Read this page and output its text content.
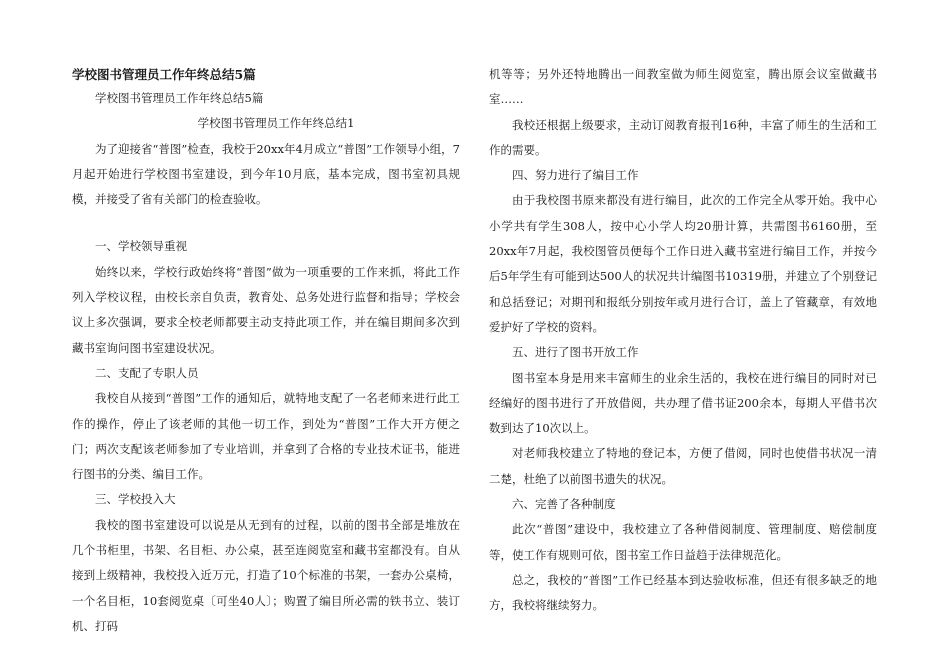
学校图书管理员工作年终总结5篇

学校图书管理员工作年终总结5篇

学校图书管理员工作年终总结1

为了迎接省“普图”检查，我校于20xx年4月成立“普图”工作领导小组，7月起开始进行学校图书室建设，到今年10月底，基本完成，图书室初具规模，并接受了省有关部门的检查验收。

一、学校领导重视

始终以来，学校行政始终将“普图”做为一项重要的工作来抓，将此工作列入学校议程，由校长亲自负责，教育处、总务处进行监督和指导；学校会议上多次强调，要求全校老师都要主动支持此项工作，并在编目期间多次到藏书室询问图书室建设状况。

二、支配了专职人员

我校自从接到“普图”工作的通知后，就特地支配了一名老师来进行此工作的操作，停止了该老师的其他一切工作，到处为“普图”工作大开方便之门；两次支配该老师参加了专业培训，并拿到了合格的专业技术证书，能进行图书的分类、编目工作。

三、学校投入大

我校的图书室建设可以说是从无到有的过程，以前的图书全部是堆放在几个书柜里，书架、名目柜、办公桌，甚至连阅览室和藏书室都没有。自从接到上级精神，我校投入近万元，打造了10个标准的书架，一套办公桌椅，一个名目柜，10套阅览桌〔可坐40人〕；购置了编目所必需的铁书立、装订机、打码

机等等；另外还特地腾出一间教室做为师生阅览室，腾出原会议室做藏书室……

我校还根据上级要求，主动订阅教育报刊16种，丰富了师生的生活和工作的需要。

四、努力进行了编目工作

由于我校图书原来都没有进行编目，此次的工作完全从零开始。我中心小学共有学生308人，按中心小学人均20册计算，共需图书6160册，至20xx年7月起，我校图管员便每个工作日进入藏书室进行编目工作，并按今后5年学生有可能到达500人的状况共计编图书10319册，并建立了个别登记和总括登记；对期刊和报纸分别按年或月进行合订，盖上了管藏章，有效地爱护好了学校的资料。

五、进行了图书开放工作

图书室本身是用来丰富师生的业余生活的，我校在进行编目的同时对已经编好的图书进行了开放借阅，共办理了借书证200余本，每期人平借书次数到达了10次以上。

对老师我校建立了特地的登记本，方便了借阅，同时也使借书状况一清二楚，杜绝了以前图书遗失的状况。

六、完善了各种制度

此次“普图”建设中，我校建立了各种借阅制度、管理制度、赔偿制度等，使工作有规则可依，图书室工作日益趋于法律规范化。

总之，我校的“普图”工作已经基本到达验收标准，但还有很多缺乏的地方，我校将继续努力。
